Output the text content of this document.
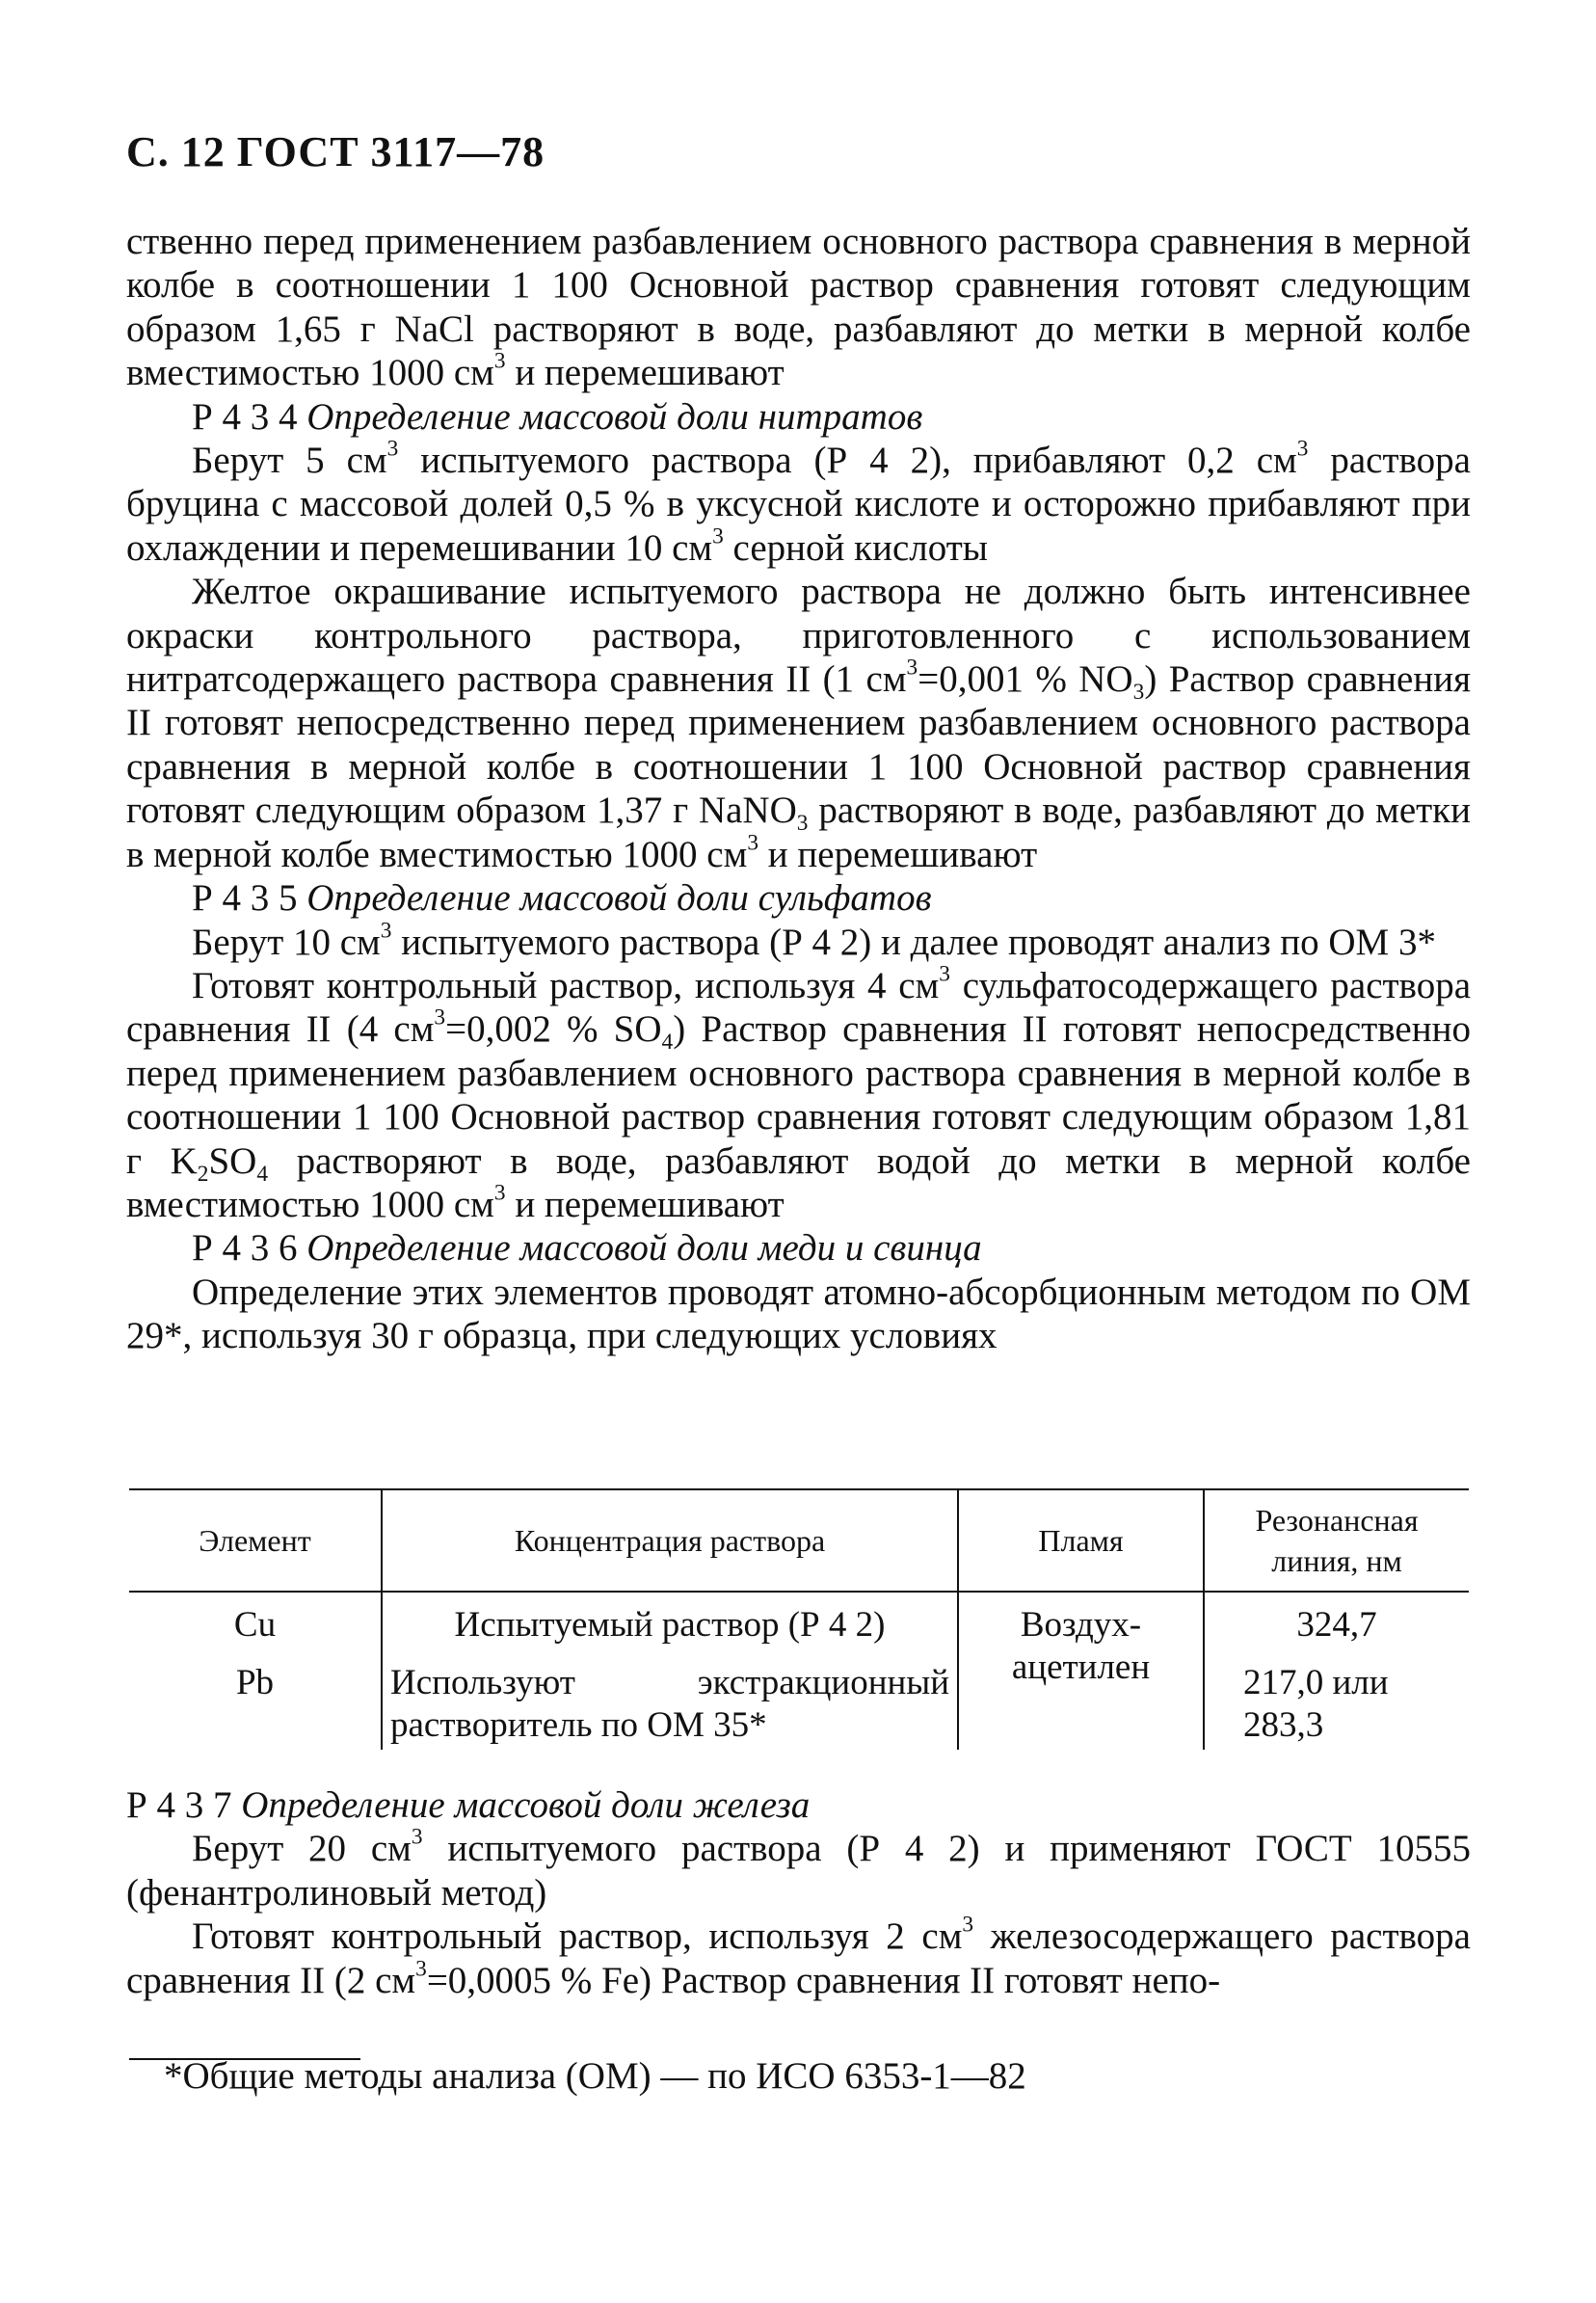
С. 12 ГОСТ 3117—78

ственно перед применением разбавлением основного раствора сравнения в мерной колбе в соотношении 1 100 Основной раствор сравнения готовят следующим образом 1,65 г NaCl растворяют в воде, разбавляют до метки в мерной колбе вместимостью 1000 $см^3$ и перемешивают

Р 4 3 4 Определение массовой доли нитратов

Берут 5 $см^3$ испытуемого раствора (Р 4 2), прибавляют 0,2 $см^3$ раствора бруцина с массовой долей 0,5 % в уксусной кислоте и осторожно прибавляют при охлаждении и перемешивании 10 $см^3$ серной кислоты

Желтое окрашивание испытуемого раствора не должно быть интенсивнее окраски контрольного раствора, приготовленного с использованием нитратсодержащего раствора сравнения II (1 $см^3=0,001$ % $NO_3$) Раствор сравнения II готовят непосредственно перед применением разбавлением основного раствора сравнения в мерной колбе в соотношении 1 100 Основной раствор сравнения готовят следующим образом 1,37 г NaNO$_3$ растворяют в воде, разбавляют до метки в мерной колбе вместимостью 1000 $см^3$ и перемешивают

Р 4 3 5 Определение массовой доли сульфатов

Берут 10 $см^3$ испытуемого раствора (Р 4 2) и далее проводят анализ по ОМ 3*

Готовят контрольный раствор, используя 4 $см^3$ сульфатосодержащего раствора сравнения II (4 $см^3=0,002$ % $SO_4$) Раствор сравнения II готовят непосредственно перед применением разбавлением основного раствора сравнения в мерной колбе в соотношении 1 100 Основной раствор сравнения готовят следующим образом 1,81 г $K_2SO_4$ растворяют в воде, разбавляют водой до метки в мерной колбе вместимостью 1000 $см^3$ и перемешивают

Р 4 3 6 Определение массовой доли меди и свинца

Определение этих элементов проводят атомно-абсорбционным методом по ОМ 29*, используя 30 г образца, при следующих условиях

Элемент	Концентрация раствора	Пламя	Резонансная линия, нм
Cu	Испытуемый раствор (Р 4 2)	Воздух-ацетилен	324,7
Pb	Используют экстракционный растворитель по ОМ 35*		217,0 или 283,3

Р 4 3 7 Определение массовой доли железа

Берут 20 $см^3$ испытуемого раствора (Р 4 2) и применяют ГОСТ 10555 (фенантролиновый метод)

Готовят контрольный раствор, используя 2 $см^3$ железосодержащего раствора сравнения II (2 $см^3=0,0005$ % Fe) Раствор сравнения II готовят непо-

*Общие методы анализа (ОМ) — по ИСО 6353-1—82
